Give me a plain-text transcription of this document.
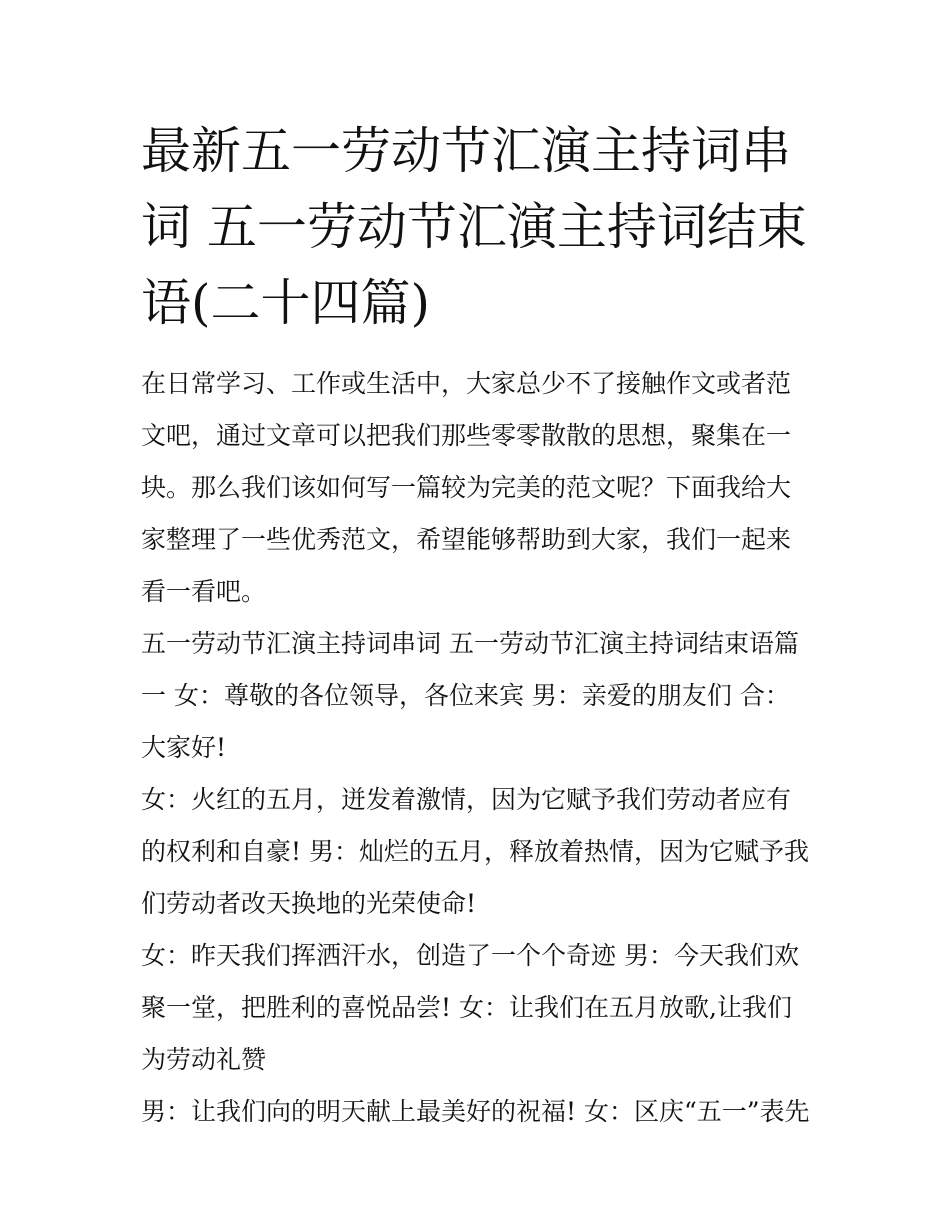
最新五一劳动节汇演主持词串词 五一劳动节汇演主持词结束语(二十四篇)

在日常学习、工作或生活中，大家总少不了接触作文或者范文吧，通过文章可以把我们那些零零散散的思想，聚集在一块。那么我们该如何写一篇较为完美的范文呢？下面我给大家整理了一些优秀范文，希望能够帮助到大家，我们一起来看一看吧。

五一劳动节汇演主持词串词 五一劳动节汇演主持词结束语篇一 女：尊敬的各位领导，各位来宾 男：亲爱的朋友们 合：大家好!

女：火红的五月，迸发着激情，因为它赋予我们劳动者应有的权利和自豪! 男：灿烂的五月，释放着热情，因为它赋予我们劳动者改天换地的光荣使命!

女：昨天我们挥洒汗水，创造了一个个奇迹 男：今天我们欢聚一堂，把胜利的喜悦品尝! 女：让我们在五月放歌,让我们为劳动礼赞

男：让我们向的明天献上最美好的祝福! 女：区庆“五一”表先
